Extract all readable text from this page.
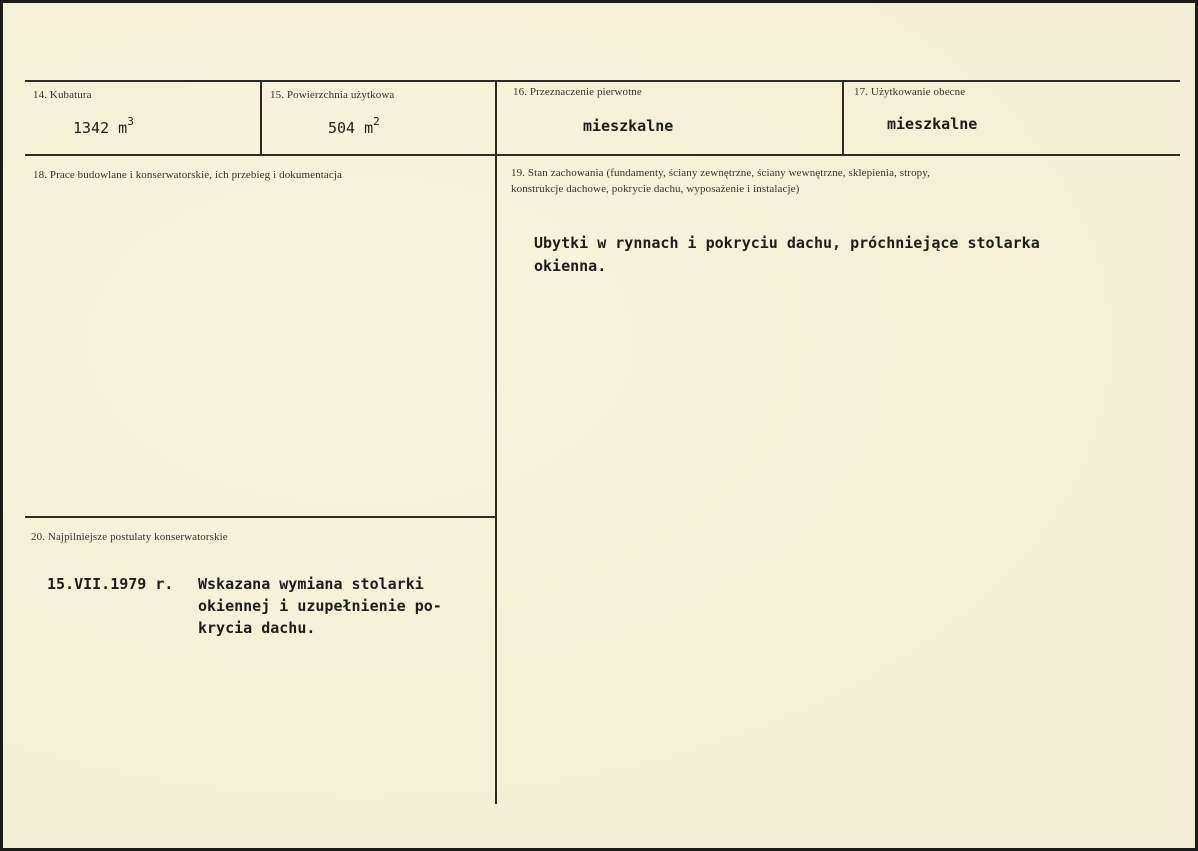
14. Kubatura
1342 $m^3$
15. Powierzchnia użytkowa
504 $m^2$
16. Przeznaczenie pierwotne
mieszkalne
17. Użytkowanie obecne
mieszkalne
18. Prace budowlane i konserwatorskie, ich przebieg i dokumentacja	19. Stan zachowania (fundamenty, ściany zewnętrzne, ściany wewnętrzne, sklepienia, stropy,
konstrukcje dachowe, pokrycie dachu, wyposażenie i instalacje)
Ubytki w rynnach i pokryciu dachu, próchniejące stolarka
okienna.
20. Najpilniejsze postulaty konserwatorskie
15.VII.1979 r. Wskazana wymiana stolarki
okiennej i uzupełnienie po-
krycia dachu.
